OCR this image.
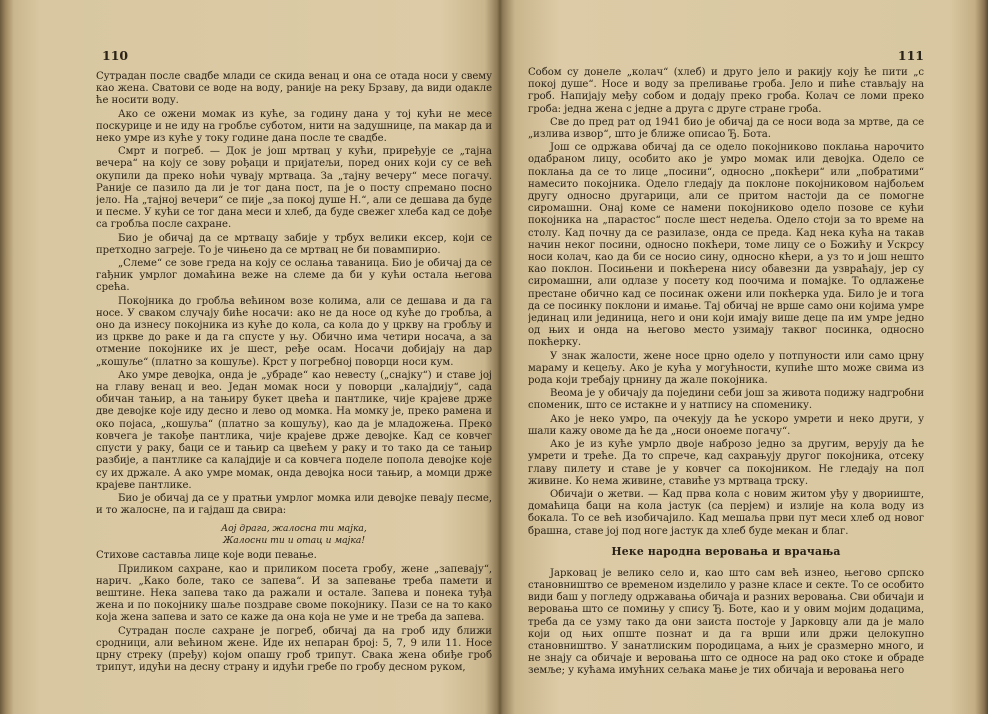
110

Сутрадан после свадбе млади се скида венац и она се отада носи у свему као жена. Сватови се воде на воду, раније на реку Брзаву, да види одакле ће носити воду.

Ако се ожени момак из куће, за годину дана у тој кући не месе поскурице и не иду на гробље суботом, нити на задушнице, па макар да и неко умре из куће у току године дана после те свадбе.

Смрт и погреб. — Док је још мртвац у кући, приређује се „тајна вечера“ на коју се зову рођаци и пријатељи, поред оних који су се већ окупили да преко ноћи чувају мртваца. За „тајну вечеру“ месе погачу. Раније се пазило да ли је тог дана пост, па је о посту спремано посно јело. На „тајној вечери“ се пије „за покој душе Н.“, али се дешава да буде и песме. У кући се тог дана меси и хлеб, да буде свежег хлеба кад се дође са гробља после сахране.

Био је обичај да се мртвацу забије у трбух велики ексер, који се претходно загреје. То је чињено да се мртвац не би повампирио.

„Слеме“ се зове греда на коју се ослања таваница. Био је обичај да се гађник умрлог домаћина веже на слеме да би у кући остала његова срећа.

Покојника до гробља већином возе колима, али се дешава и да га носе. У сваком случају биће носачи: ако не да носе од куће до гробља, а оно да изнесу покојника из куће до кола, са кола до у цркву на гробљу и из цркве до раке и да га спусте у њу. Обично има четири носача, а за отмение покојнике их је шест, ређе осам. Носачи добијају на дар „кошуље“ (платно за кошуље). Крст у погребној поворци носи кум.

Ако умре девојка, онда је „убраде“ као невесту („снајку“) и ставе јој на главу венац и вео. Један момак носи у поворци „калајдију“, сада обичан тањир, а на тањиру букет цвећа и пантлике, чије крајеве држе две девојке које иду десно и лево од момка. На момку је, преко рамена и око појаса, „кошуља“ (платно за кошуљу), као да је младожења. Преко ковчега је такође пантлика, чије крајеве држе девојке. Кад се ковчег спусти у раку, баци се и тањир са цвећем у раку и то тако да се тањир разбије, а пантлике са калајдије и са ковчега поделе попола девојке које су их држале. А ако умре момак, онда девојка носи тањир, а момци држе крајеве пантлике.

Био је обичај да се у пратњи умрлог момка или девојке певају песме, и то жалосне, па и гајдаш да свира:

Аој драга, жалосна ти мајка,
Жалосни ти и отац и мајка!

Стихове саставља лице које води певање.

Приликом сахране, као и приликом посета гробу, жене „запевају“, нарич. „Како боле, тако се запева“. И за запевање треба памети и вештине. Нека запева тако да рaжали и остале. Запева и понека туђа жена и по покојнику шаље поздраве своме покојнику. Пази се на то како која жена запева и зато се каже да она која не уме и не треба да запева.

Сутрадан после сахране је погреб, обичај да на гроб иду ближи сродници, али већином жене. Иде их непаран број: 5, 7, 9 или 11. Носе црну стреку (пређу) којом опашу гроб трипут. Свака жена обиђе гроб трипут, идући на десну страну и идући гребе по гробу десном руком,

111

Собом су донеле „колач“ (хлеб) и друго јело и ракију коју ће пити „с покој душе“. Носе и воду за преливање гроба. Јело и пиће стављају на гроб. Напијају међу собом и додају преко гроба. Колач се ломи преко гроба: једна жена с једне а друга с друге стране гроба.

Све до пред рат од 1941 био је обичај да се носи вода за мртве, да се „излива извор“, што је ближе описао Ђ. Бота.

Још се одржава обичај да се одело покојниково поклања нарочито одабраном лицу, особито ако је умро момак или девојка. Одело се поклања да се то лице „посини“, односно „покћери“ или „побратими“ намесито покојника. Одело гледају да поклоне покојниковом најбољем другу односно другарици, али се притом настоји да се помогне сиромашни. Онај коме се намени покојниково одело позове се кући покојника на „парастос“ после шест недеља. Одело стоји за то време на столу. Кад почну да се разилазе, онда се преда. Кад нека кућа на такав начин неког посини, односно покћери, томе лицу се о Божићу и Ускрсу носи колач, као да би се носио сину, односно кћери, а уз то и још нешто као поклон. Посињени и покћерена нису обавезни да узвраћају, јер су сиромашни, али одлазе у посету код поочима и помајке. То одлажење престане обично кад се посинак ожени или покћерка уда. Било је и тога да се посинку поклони и имање. Тај обичај не врше само они којима умре јединац или јединица, него и они који имају више деце па им умре једно од њих и онда на његово место узимају таквог посинка, односно покћерку.

У знак жалости, жене носе црно одело у потпуности или само црну мараму и кецељу. Ако је кућа у могућности, купиће што може свима из рода који требају црнину да жале покојника.

Веома је у обичају да поједини себи још за живота подижу надгробни споменик, што се истакне и у натпису на споменику.

Ако је неко умро, па очекују да ће ускоро умрети и неко други, у шали кажу овоме да ће да „носи оноеме погачу“.

Ако је из куће умрло двоје наброзо једно за другим, верују да ће умрети и треће. Да то спрече, кад сахрањују другог покојника, отсеку главу пилету и ставе је у ковчег са покојником. Не гледају на пол живине. Ко нема живине, ставиће уз мртваца трску.

Обичаји о жетви. — Кад прва кола с новим житом уђу у дворииште, домаћица баци на кола јастук (са перјем) и излије на кола воду из бокала. То се већ изобичајило. Кад мешаља први пут меси хлеб од новог брашна, ставе јој под ноге јастук да хлеб буде мекан и благ.

Неке народна веровања и врачања

Јарковац је велико село и, као што сам већ изнео, његово српско становништво се временом изделило у разне класе и секте. То се особито види баш у погледу одржавања обичаја и разних веровања. Сви обичаји и веровања што се помињу у спису Ђ. Боте, као и у овим мојим додацима, треба да се узму тако да они заиста постоје у Јарковцу али да је мало који од њих опште познат и да га врши или држи целокупно становништво. У занатлиским породицама, а њих је сразмерно много, и не знају са обичаје и веровања што се односе на рад око стоке и обраде земље; у кућама имућних сељака мање је тих обичаја и веровања него
